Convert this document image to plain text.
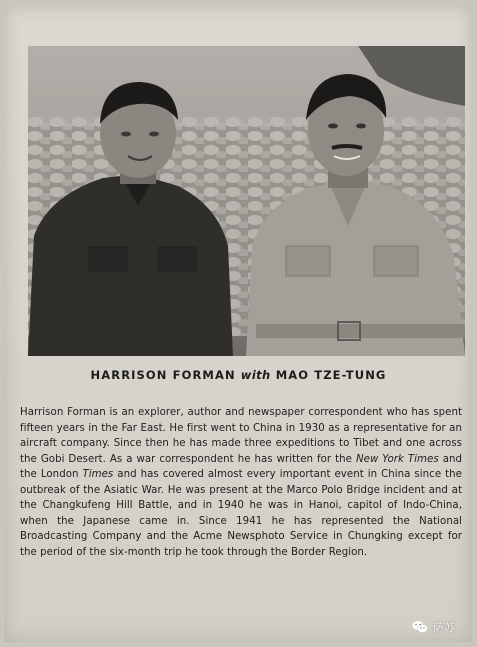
HARRISON FORMAN with MAO TZE-TUNG
Harrison Forman is an explorer, author and newspaper correspondent who has spent fifteen years in the Far East. He first went to China in 1930 as a representative for an aircraft company. Since then he has made three expeditions to Tibet and one across the Gobi Desert. As a war correspondent he has written for the New York Times and the London Times and has covered almost every important event in China since the outbreak of the Asiatic War. He was present at the Marco Polo Bridge incident and at the Changkufeng Hill Battle, and in 1940 he was in Hanoi, capitol of Indo-China, when the Japanese came in. Since 1941 he has represented the National Broadcasting Company and the Acme Newsphoto Service in Chungking except for the period of the six-month trip he took through the Border Region.
萨苏
